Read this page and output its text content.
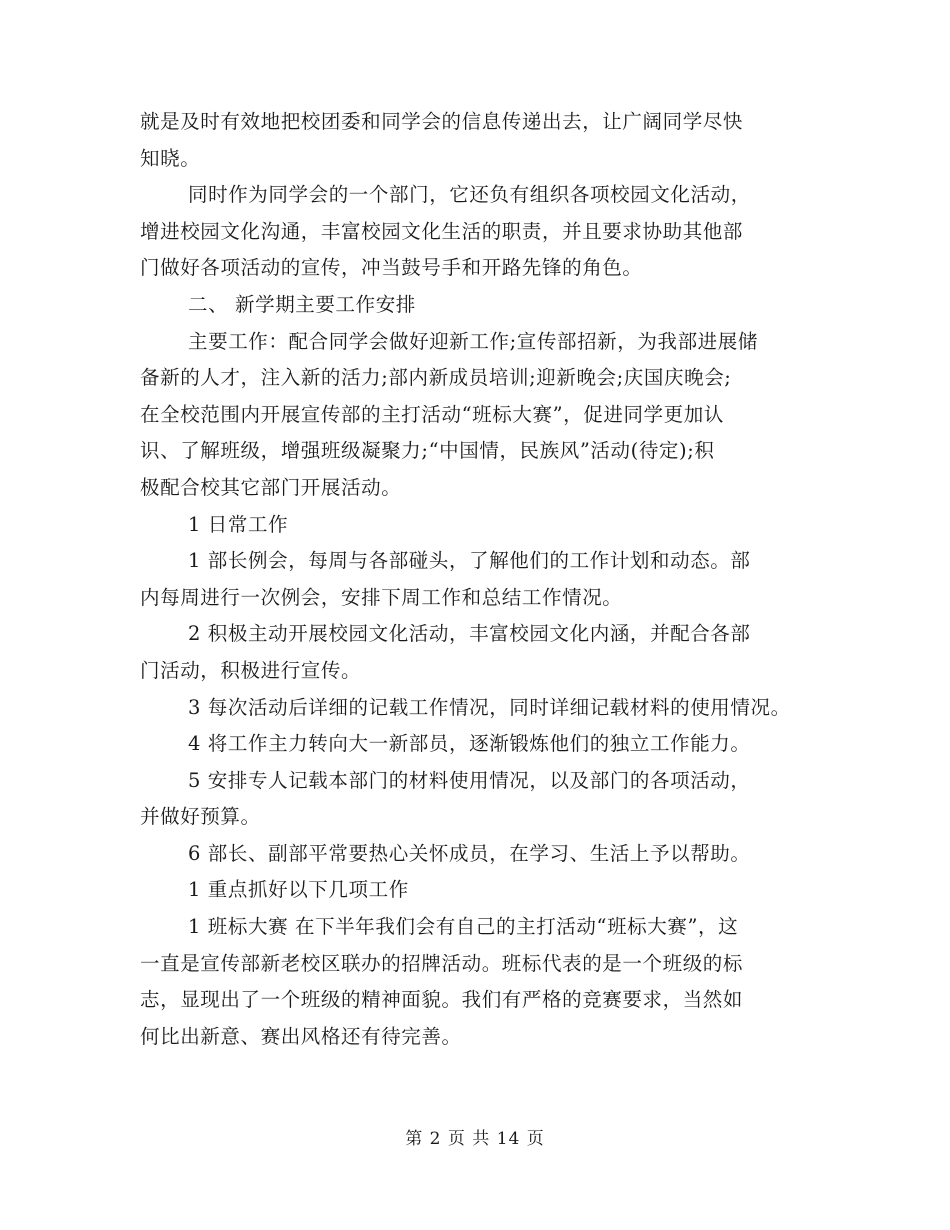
就是及时有效地把校团委和同学会的信息传递出去，让广阔同学尽快
知晓。
同时作为同学会的一个部门，它还负有组织各项校园文化活动，
增进校园文化沟通，丰富校园文化生活的职责，并且要求协助其他部
门做好各项活动的宣传，冲当鼓号手和开路先锋的角色。
二、 新学期主要工作安排
主要工作：配合同学会做好迎新工作;宣传部招新，为我部进展储
备新的人才，注入新的活力;部内新成员培训;迎新晚会;庆国庆晚会;
在全校范围内开展宣传部的主打活动“班标大赛”，促进同学更加认
识、了解班级，增强班级凝聚力;“中国情，民族风”活动(待定);积
极配合校其它部门开展活动。
1 日常工作
1 部长例会，每周与各部碰头，了解他们的工作计划和动态。部
内每周进行一次例会，安排下周工作和总结工作情况。
2 积极主动开展校园文化活动，丰富校园文化内涵，并配合各部
门活动，积极进行宣传。
3 每次活动后详细的记载工作情况，同时详细记载材料的使用情况。
4 将工作主力转向大一新部员，逐渐锻炼他们的独立工作能力。
5 安排专人记载本部门的材料使用情况，以及部门的各项活动，
并做好预算。
6 部长、副部平常要热心关怀成员，在学习、生活上予以帮助。
1 重点抓好以下几项工作
1 班标大赛 在下半年我们会有自己的主打活动“班标大赛”，这
一直是宣传部新老校区联办的招牌活动。班标代表的是一个班级的标
志，显现出了一个班级的精神面貌。我们有严格的竞赛要求，当然如
何比出新意、赛出风格还有待完善。
第 2 页 共 14 页
